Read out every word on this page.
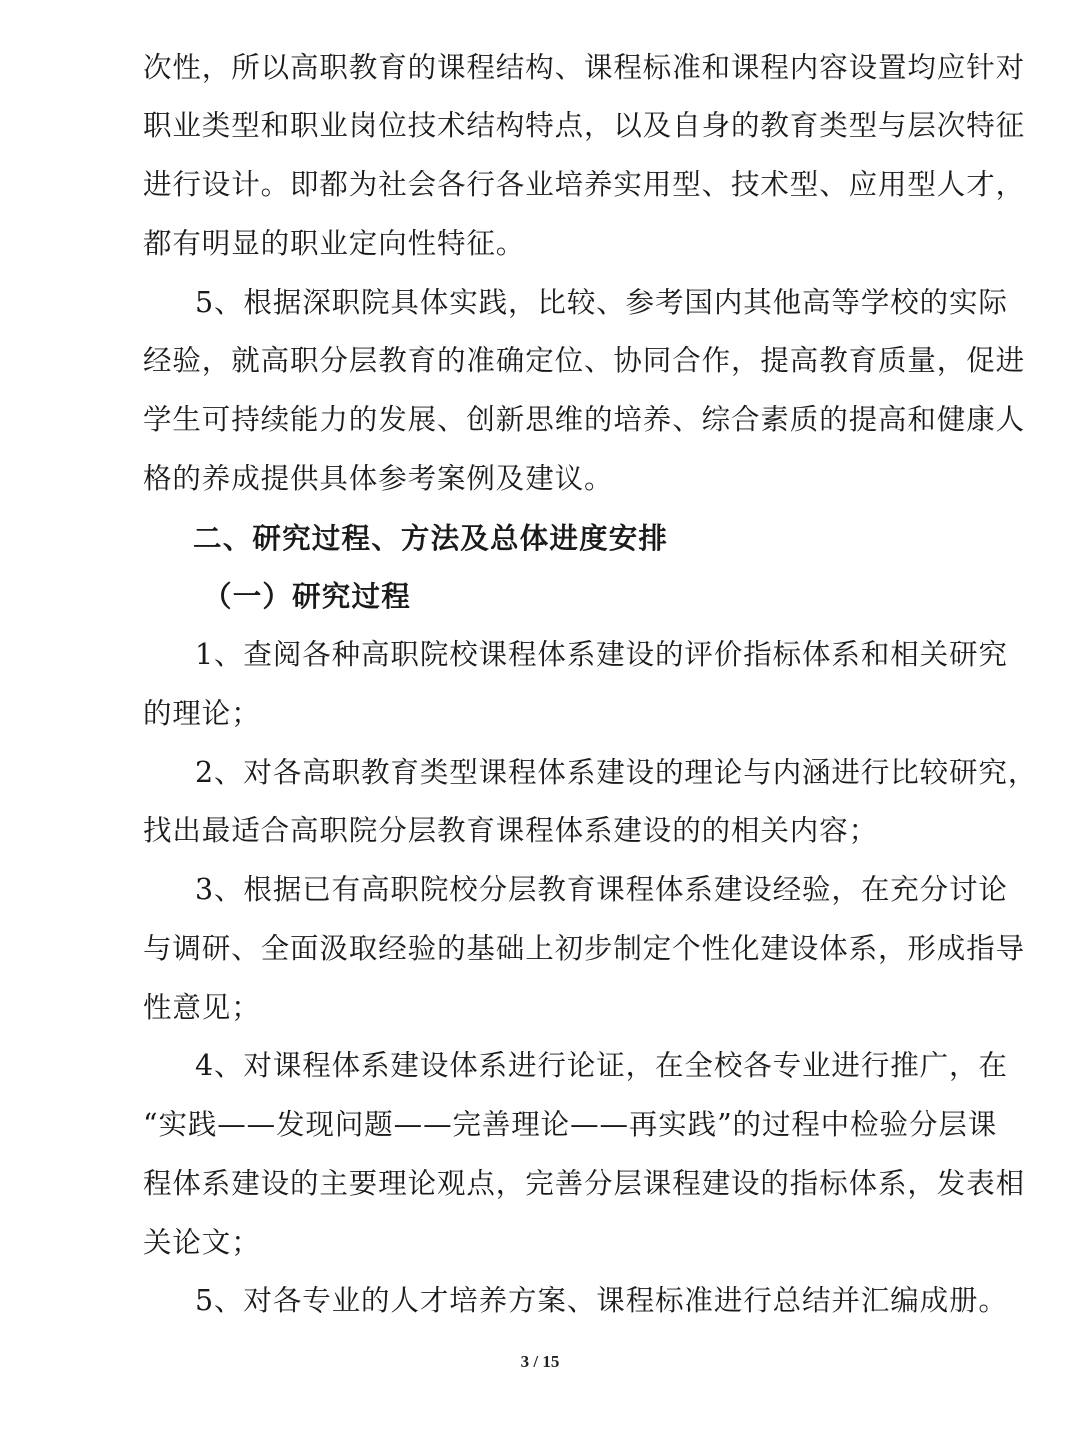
次性，所以高职教育的课程结构、课程标准和课程内容设置均应针对
职业类型和职业岗位技术结构特点，以及自身的教育类型与层次特征
进行设计。即都为社会各行各业培养实用型、技术型、应用型人才，
都有明显的职业定向性特征。
5、根据深职院具体实践，比较、参考国内其他高等学校的实际
经验，就高职分层教育的准确定位、协同合作，提高教育质量，促进
学生可持续能力的发展、创新思维的培养、综合素质的提高和健康人
格的养成提供具体参考案例及建议。
二、研究过程、方法及总体进度安排
（一）研究过程
1、查阅各种高职院校课程体系建设的评价指标体系和相关研究
的理论；
2、对各高职教育类型课程体系建设的理论与内涵进行比较研究，
找出最适合高职院分层教育课程体系建设的的相关内容；
3、根据已有高职院校分层教育课程体系建设经验，在充分讨论
与调研、全面汲取经验的基础上初步制定个性化建设体系，形成指导
性意见；
4、对课程体系建设体系进行论证，在全校各专业进行推广，在
“实践——发现问题——完善理论——再实践”的过程中检验分层课
程体系建设的主要理论观点，完善分层课程建设的指标体系，发表相
关论文；
5、对各专业的人才培养方案、课程标准进行总结并汇编成册。
3 / 15
